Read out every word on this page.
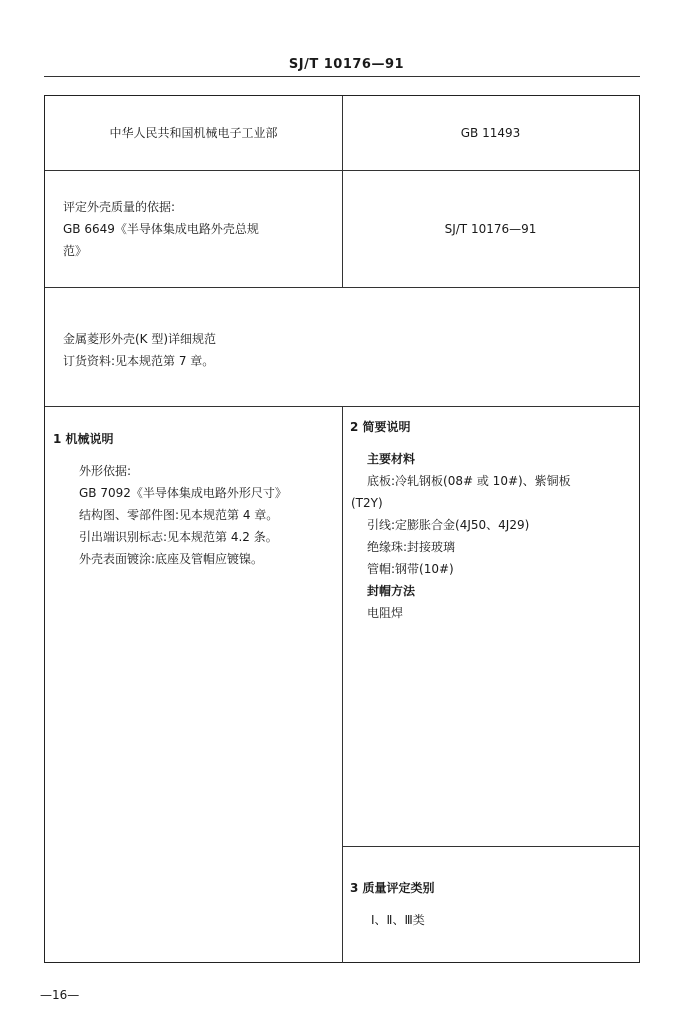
SJ/T 10176—91
中华人民共和国机械电子工业部	GB 11493
评定外壳质量的依据:
GB 6649《半导体集成电路外壳总规
范》
SJ/T 10176—91
金属菱形外壳(K 型)详细规范
订货资料:见本规范第 7 章。
1 机械说明
外形依据:
GB 7092《半导体集成电路外形尺寸》
结构图、零部件图:见本规范第 4 章。
引出端识别标志:见本规范第 4.2 条。
外壳表面镀涂:底座及管帽应镀镍。
2 简要说明
主要材料
底板:冷轧钢板(08# 或 10#)、紫铜板
(T2Y)
引线:定膨胀合金(4J50、4J29)
绝缘珠:封接玻璃
管帽:钢带(10#)
封帽方法
电阻焊
3 质量评定类别
Ⅰ、Ⅱ、Ⅲ类
—16—
